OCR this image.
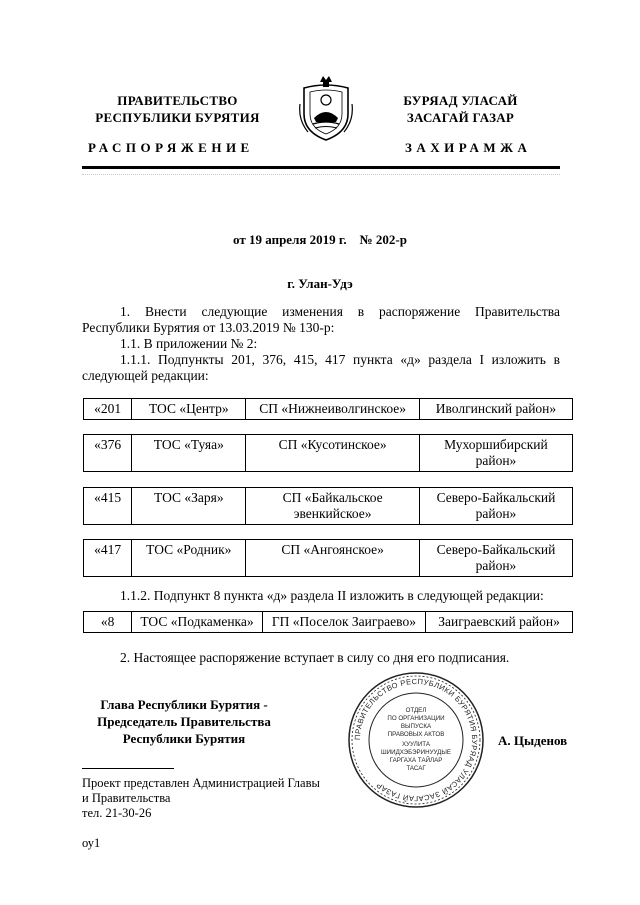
ПРАВИТЕЛЬСТВО
РЕСПУБЛИКИ БУРЯТИЯ
БУРЯАД УЛАСАЙ
ЗАСАГАЙ ГАЗАР
РАСПОРЯЖЕНИЕ	ЗАХИРАМЖА
от 19 апреля 2019 г.    № 202-р
г. Улан-Удэ

1. Внести следующие изменения в распоряжение Правительства Республики Бурятия от 13.03.2019 № 130-р:

1.1. В приложении № 2:

1.1.1. Подпункты 201, 376, 415, 417 пункта «д» раздела I изложить в следующей редакции:

«201	ТОС «Центр»	СП «Нижнеиволгинское»	Иволгинский район»
«376	ТОС «Туяа»	СП «Кусотинское»	Мухоршибирский район»
«415	ТОС «Заря»	СП «Байкальское эвенкийское»	Северо-Байкальский район»
«417	ТОС «Родник»	СП «Ангоянское»	Северо-Байкальский район»

1.1.2. Подпункт 8 пункта «д» раздела II изложить в следующей редакции:

«8	ТОС «Подкаменка»	ГП «Поселок Заиграево»	Заиграевский район»

2. Настоящее распоряжение вступает в силу со дня его подписания.

Глава Республики Бурятия -
Председатель Правительства
Республики Бурятия	ПРАВИТЕЛЬСТВО РЕСПУБЛИКИ БУРЯТИЯ БУРЯАД УЛАСАЙ ЗАСАГАЙ ГАЗАР
ОТДЕЛ
ПО ОРГАНИЗАЦИИ
ВЫПУСКА
ПРАВОВЫХ АКТОВ
ХУУЛИТА
ШИИДХЭБЭРИНУУДЫЕ
ГАРГАХА ТАЙЛАР
ТАСАГ
А. Цыденов
Проект представлен Администрацией Главы
и Правительства
тел. 21-30-26
оу1
